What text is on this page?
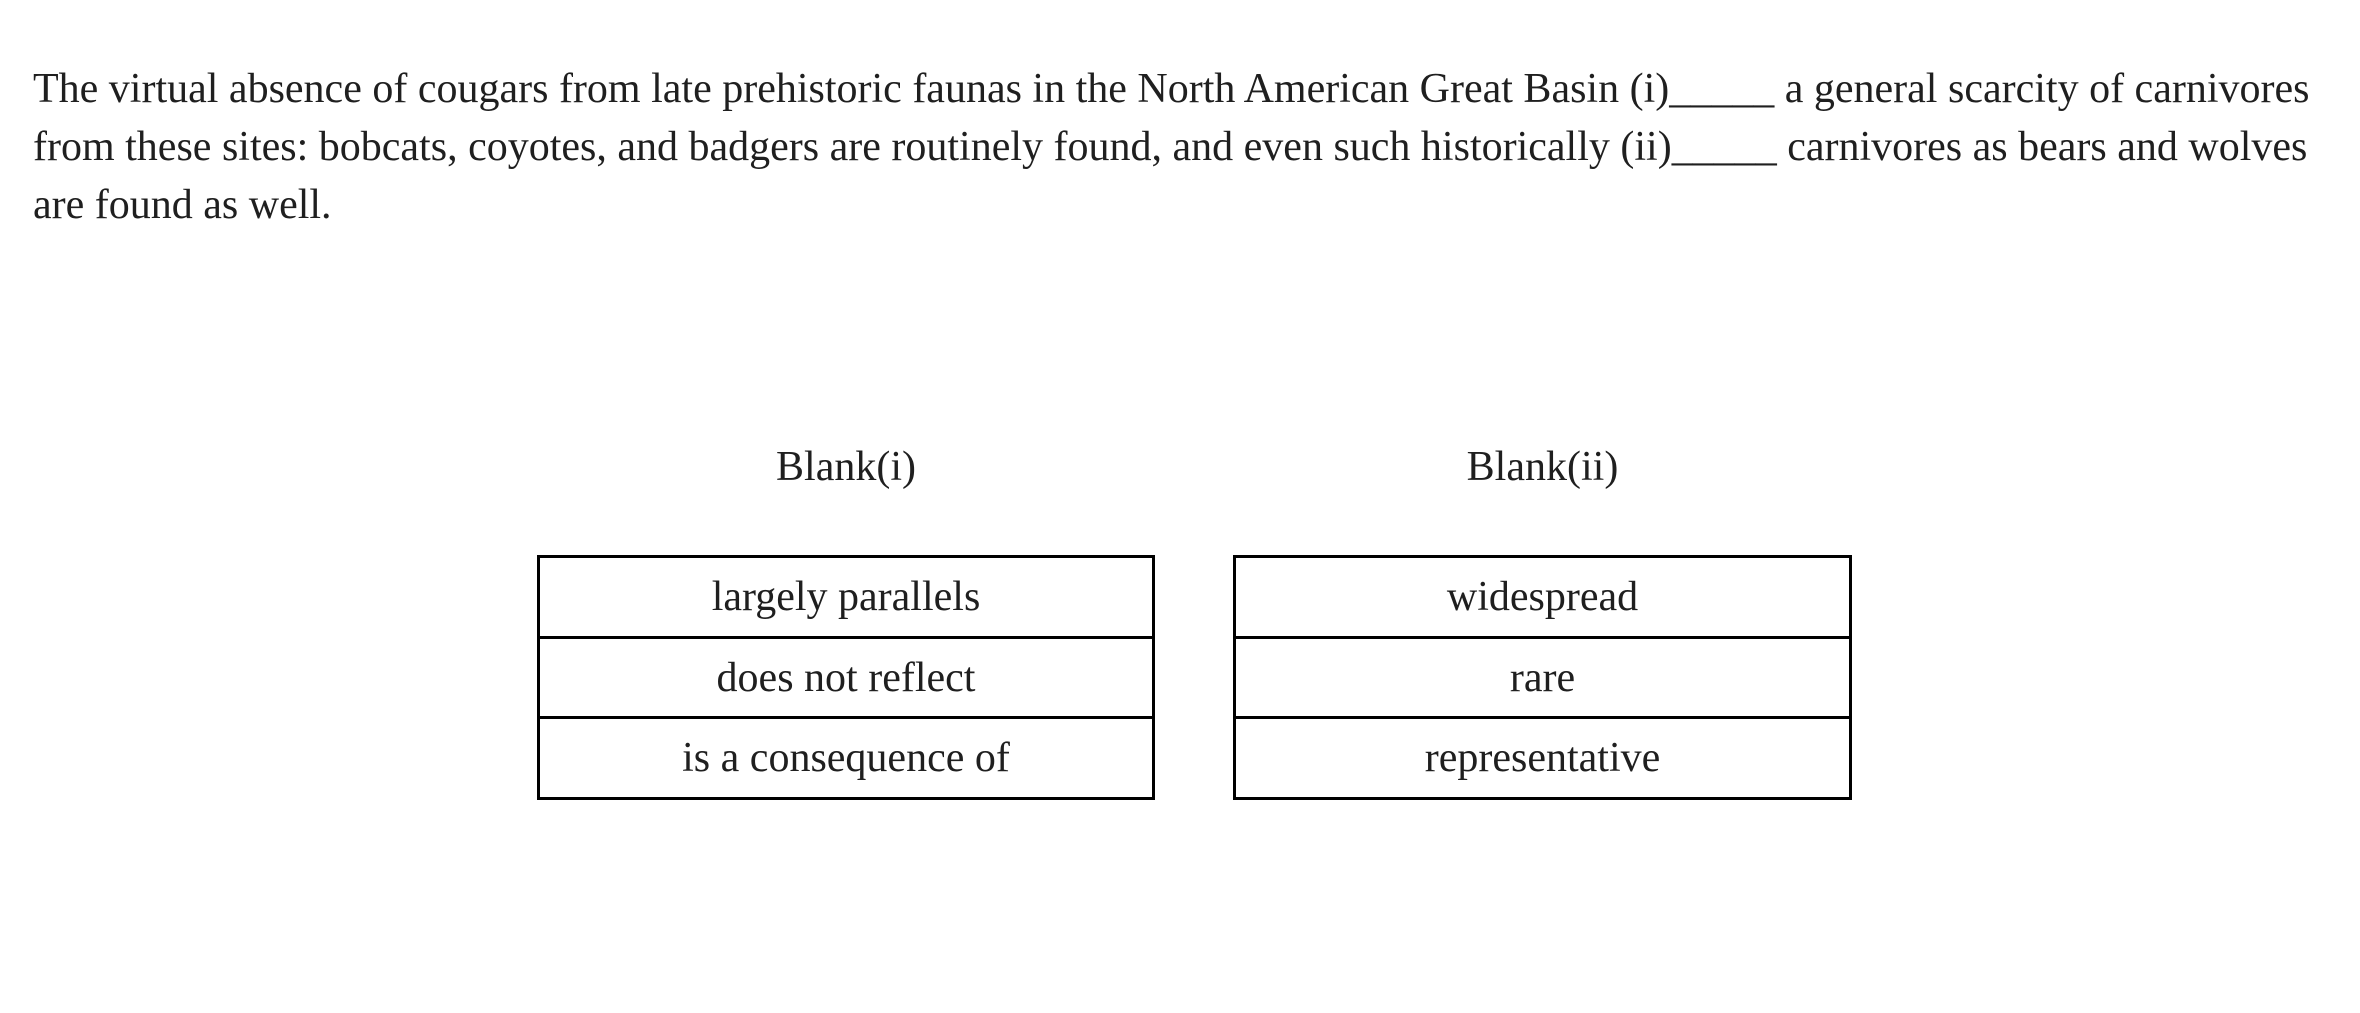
The virtual absence of cougars from late prehistoric faunas in the North American Great Basin (i)_____ a general scarcity of carnivores from these sites: bobcats, coyotes, and badgers are routinely found, and even such historically (ii)_____ carnivores as bears and wolves are found as well.
Blank(i)	Blank(ii)
largely parallels
does not reflect
is a consequence of
widespread
rare
representative
